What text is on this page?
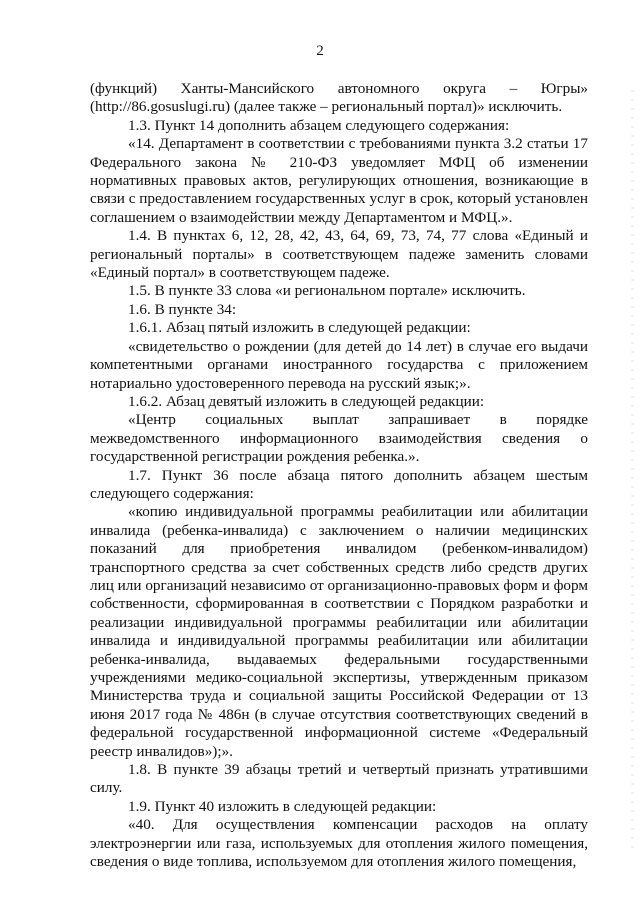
2

(функций) Ханты-Мансийского автономного округа – Югры» (http://86.gosuslugi.ru) (далее также – региональный портал)» исключить.

1.3. Пункт 14 дополнить абзацем следующего содержания:

«14. Департамент в соответствии с требованиями пункта 3.2 статьи 17 Федерального закона № 210-ФЗ уведомляет МФЦ об изменении нормативных правовых актов, регулирующих отношения, возникающие в связи с предоставлением государственных услуг в срок, который установлен соглашением о взаимодействии между Департаментом и МФЦ.».

1.4. В пунктах 6, 12, 28, 42, 43, 64, 69, 73, 74, 77 слова «Единый и региональный порталы» в соответствующем падеже заменить словами «Единый портал» в соответствующем падеже.

1.5. В пункте 33 слова «и региональном портале» исключить.

1.6. В пункте 34:

1.6.1. Абзац пятый изложить в следующей редакции:

«свидетельство о рождении (для детей до 14 лет) в случае его выдачи компетентными органами иностранного государства с приложением нотариально удостоверенного перевода на русский язык;».

1.6.2. Абзац девятый изложить в следующей редакции:

«Центр социальных выплат запрашивает в порядке межведомственного информационного взаимодействия сведения о государственной регистрации рождения ребенка.».

1.7. Пункт 36 после абзаца пятого дополнить абзацем шестым следующего содержания:

«копию индивидуальной программы реабилитации или абилитации инвалида (ребенка-инвалида) с заключением о наличии медицинских показаний для приобретения инвалидом (ребенком-инвалидом) транспортного средства за счет собственных средств либо средств других лиц или организаций независимо от организационно-правовых форм и форм собственности, сформированная в соответствии с Порядком разработки и реализации индивидуальной программы реабилитации или абилитации инвалида и индивидуальной программы реабилитации или абилитации ребенка-инвалида, выдаваемых федеральными государственными учреждениями медико-социальной экспертизы, утвержденным приказом Министерства труда и социальной защиты Российской Федерации от 13 июня 2017 года № 486н (в случае отсутствия соответствующих сведений в федеральной государственной информационной системе «Федеральный реестр инвалидов»);».

1.8. В пункте 39 абзацы третий и четвертый признать утратившими силу.

1.9. Пункт 40 изложить в следующей редакции:

«40. Для осуществления компенсации расходов на оплату электроэнергии или газа, используемых для отопления жилого помещения, сведения о виде топлива, используемом для отопления жилого помещения,
